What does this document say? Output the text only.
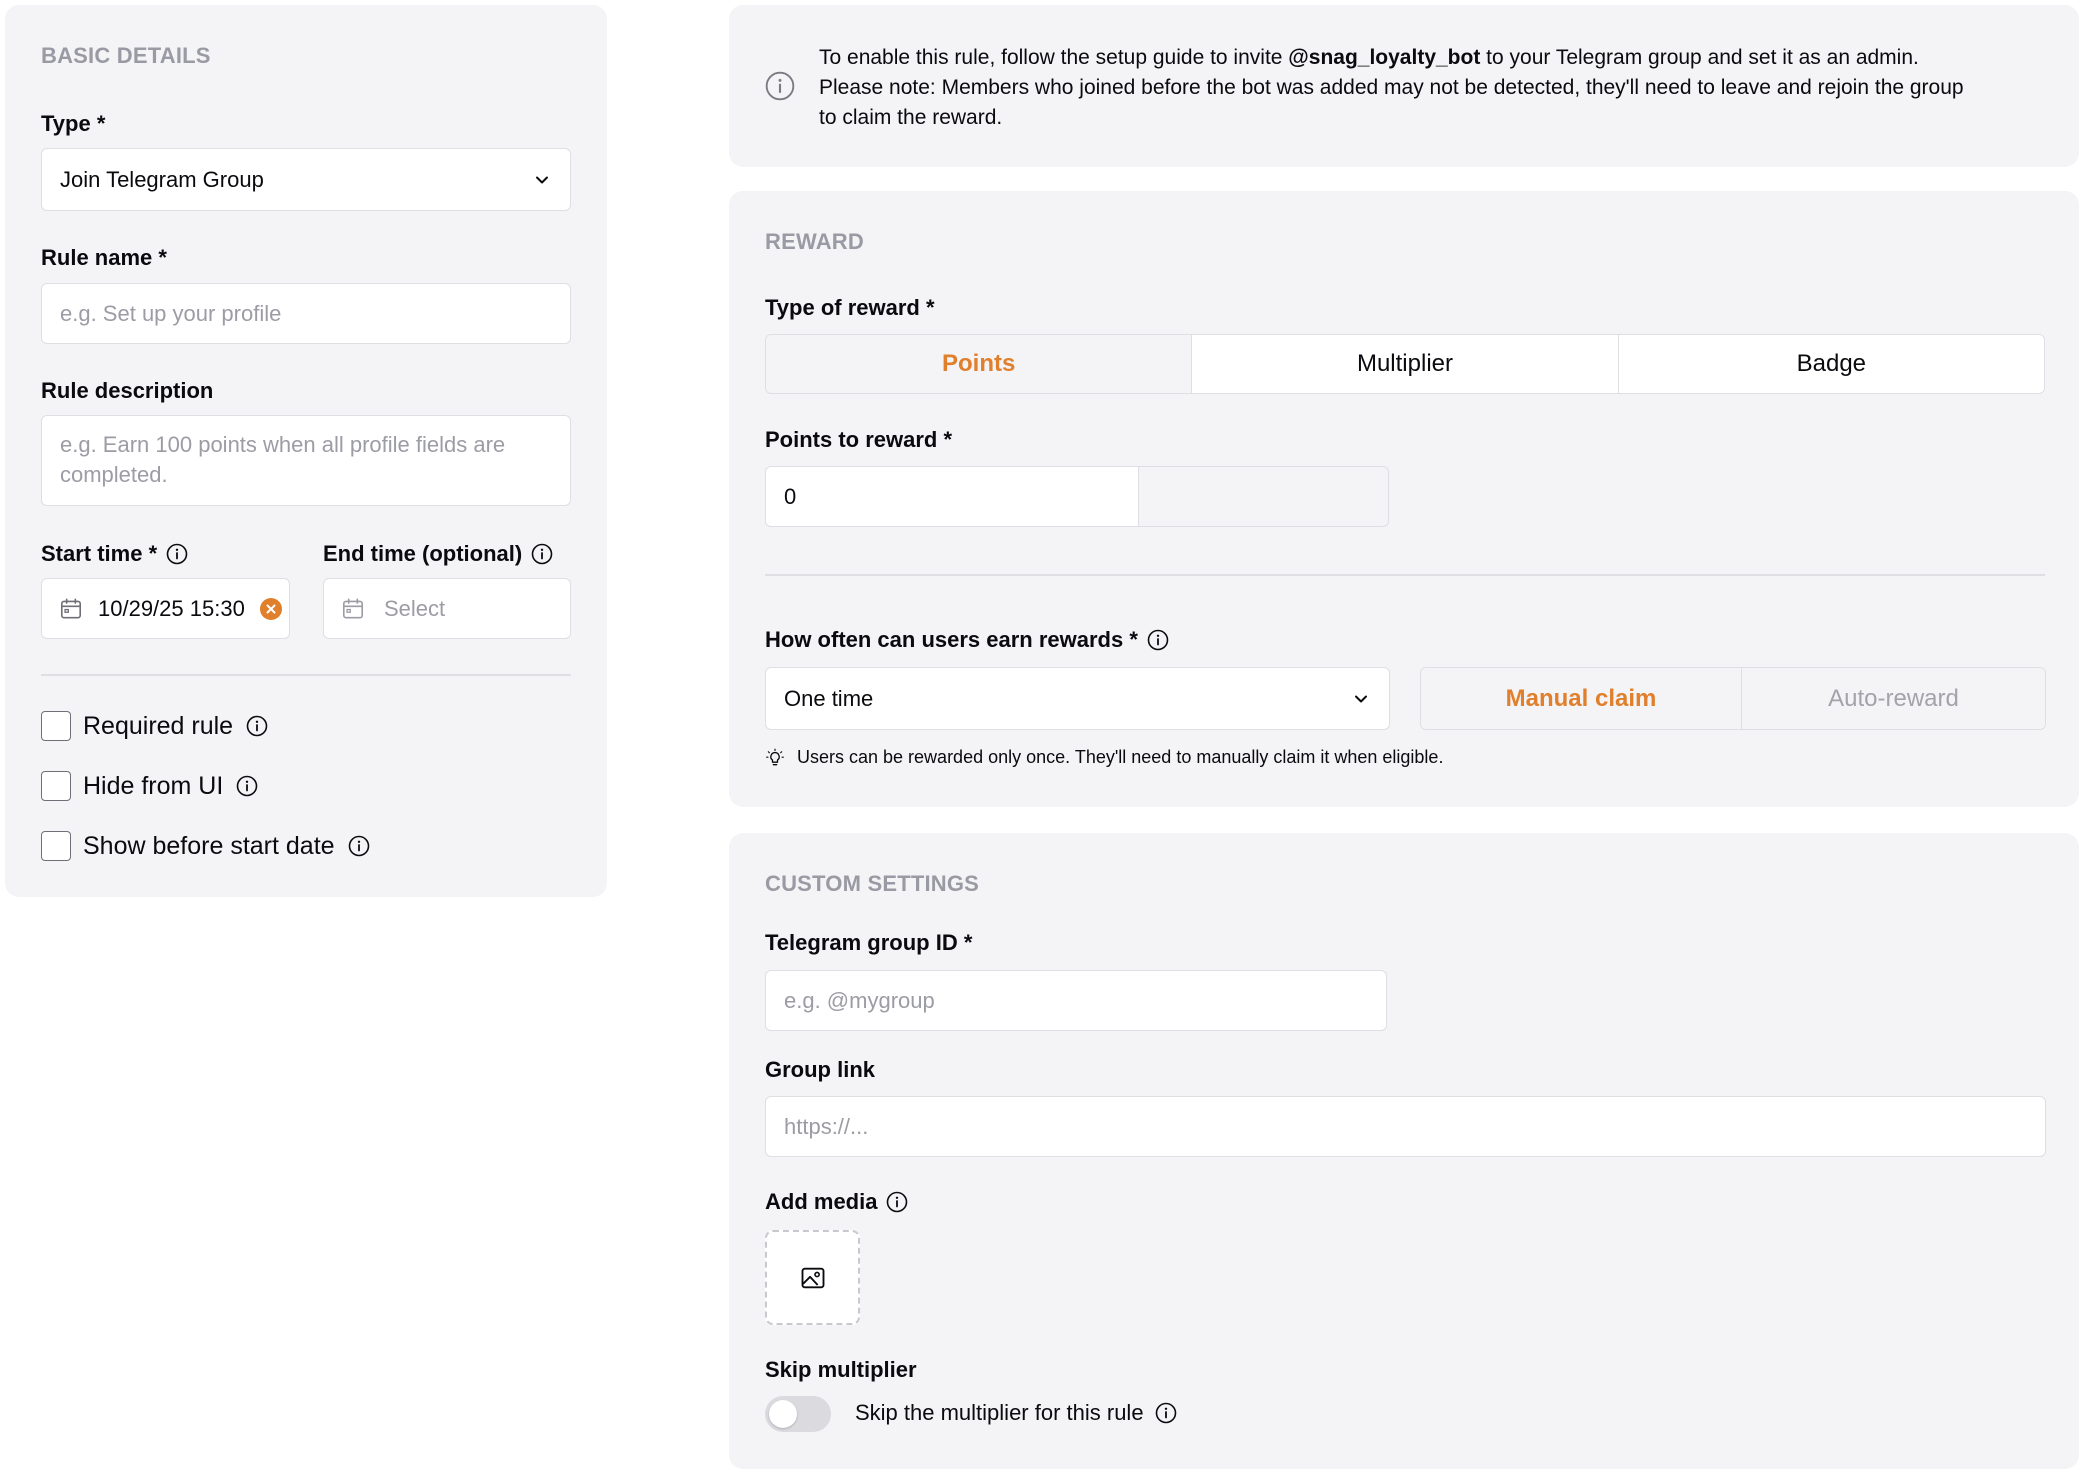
BASIC DETAILS
Type *
Join Telegram Group
Rule name *
e.g. Set up your profile
Rule description
e.g. Earn 100 points when all profile fields are completed.
Start time *
10/29/25 15:30
End time (optional)
Select
Required rule
Hide from UI
Show before start date
To enable this rule, follow the setup guide to invite @snag_loyalty_bot to your Telegram group and set it as an admin.
Please note: Members who joined before the bot was added may not be detected, they'll need to leave and rejoin the group
to claim the reward.
REWARD
Type of reward *
Points	Multiplier	Badge
Points to reward *
0
How often can users earn rewards *
One time	Manual claim	Auto-reward
Users can be rewarded only once. They'll need to manually claim it when eligible.
CUSTOM SETTINGS
Telegram group ID *
e.g. @mygroup
Group link
https://...
Add media
Skip multiplier
Skip the multiplier for this rule
